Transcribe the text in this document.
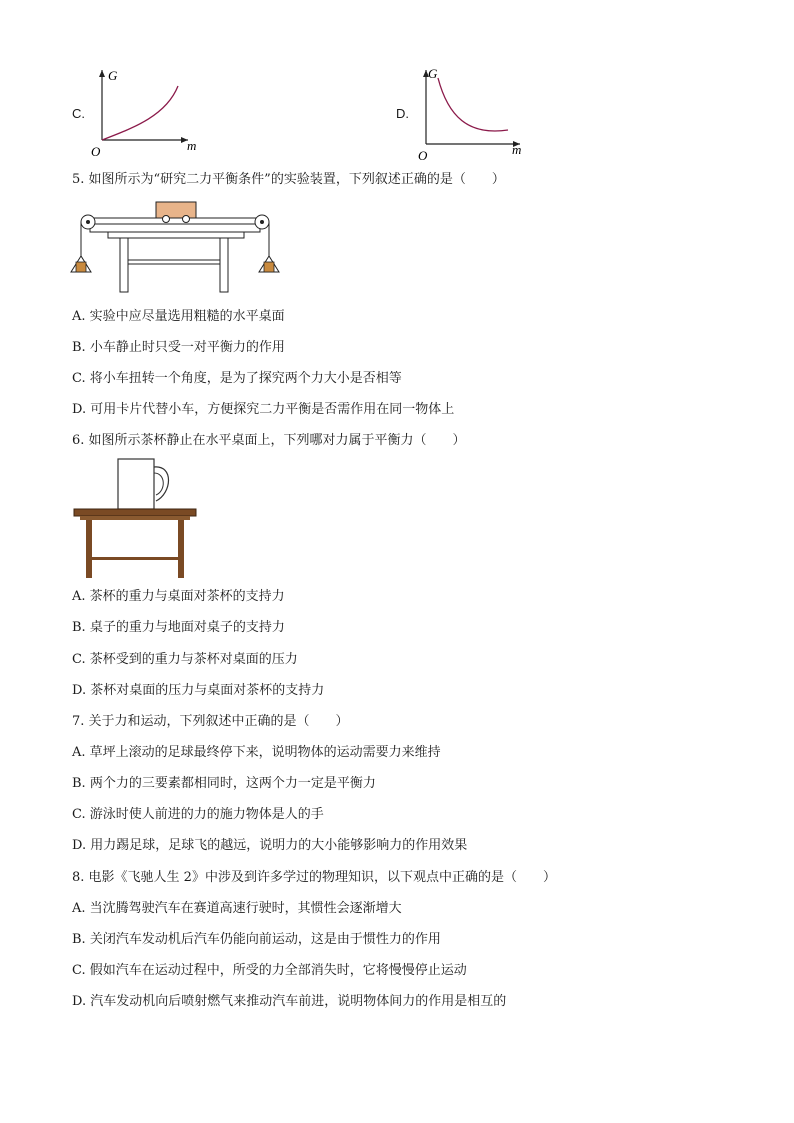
C.
G
m
O
D.
G
m
O
5. 如图所示为“研究二力平衡条件”的实验装置，下列叙述正确的是（　　）
A. 实验中应尽量选用粗糙的水平桌面
B. 小车静止时只受一对平衡力的作用
C. 将小车扭转一个角度，是为了探究两个力大小是否相等
D. 可用卡片代替小车，方便探究二力平衡是否需作用在同一物体上
6. 如图所示茶杯静止在水平桌面上，下列哪对力属于平衡力（　　）
A. 茶杯的重力与桌面对茶杯的支持力
B. 桌子的重力与地面对桌子的支持力
C. 茶杯受到的重力与茶杯对桌面的压力
D. 茶杯对桌面的压力与桌面对茶杯的支持力
7. 关于力和运动，下列叙述中正确的是（　　）
A. 草坪上滚动的足球最终停下来，说明物体的运动需要力来维持
B. 两个力的三要素都相同时，这两个力一定是平衡力
C. 游泳时使人前进的力的施力物体是人的手
D. 用力踢足球，足球飞的越远，说明力的大小能够影响力的作用效果
8. 电影《飞驰人生 2》中涉及到许多学过的物理知识，以下观点中正确的是（　　）
A. 当沈腾驾驶汽车在赛道高速行驶时，其惯性会逐渐增大
B. 关闭汽车发动机后汽车仍能向前运动，这是由于惯性力的作用
C. 假如汽车在运动过程中，所受的力全部消失时，它将慢慢停止运动
D. 汽车发动机向后喷射燃气来推动汽车前进，说明物体间力的作用是相互的
